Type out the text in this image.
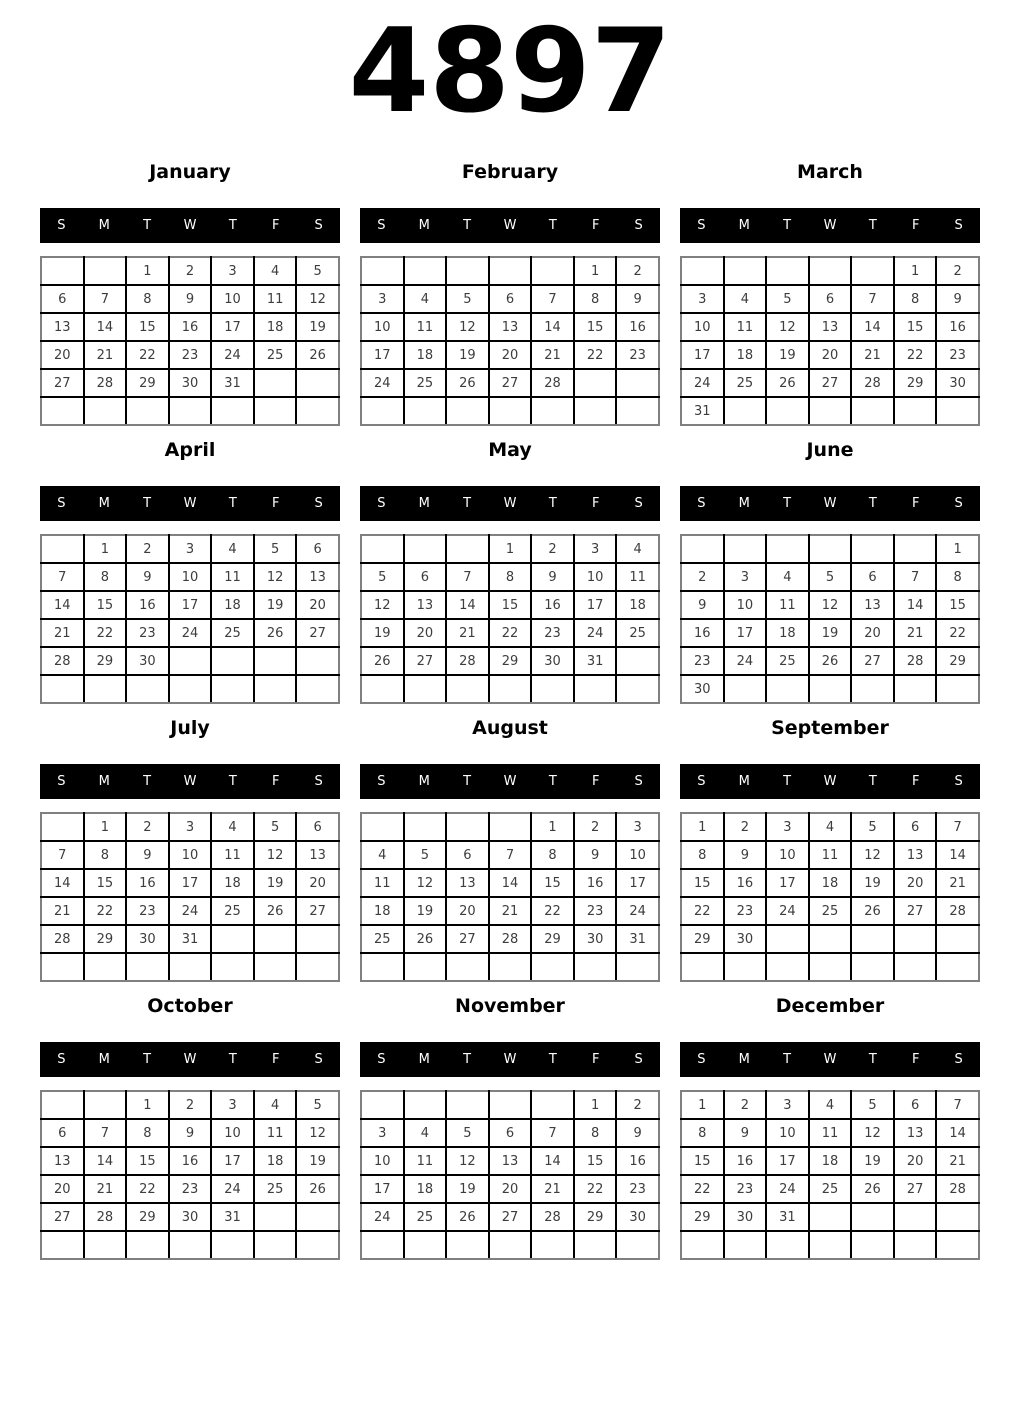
4897
January
S	M	T	W	T	F	S
		1	2	3	4	5
6	7	8	9	10	11	12
13	14	15	16	17	18	19
20	21	22	23	24	25	26
27	28	29	30	31		

February
S	M	T	W	T	F	S
					1	2
3	4	5	6	7	8	9
10	11	12	13	14	15	16
17	18	19	20	21	22	23
24	25	26	27	28		

March
S	M	T	W	T	F	S
					1	2
3	4	5	6	7	8	9
10	11	12	13	14	15	16
17	18	19	20	21	22	23
24	25	26	27	28	29	30
31						
April
S	M	T	W	T	F	S
	1	2	3	4	5	6
7	8	9	10	11	12	13
14	15	16	17	18	19	20
21	22	23	24	25	26	27
28	29	30				

May
S	M	T	W	T	F	S
			1	2	3	4
5	6	7	8	9	10	11
12	13	14	15	16	17	18
19	20	21	22	23	24	25
26	27	28	29	30	31	

June
S	M	T	W	T	F	S
						1
2	3	4	5	6	7	8
9	10	11	12	13	14	15
16	17	18	19	20	21	22
23	24	25	26	27	28	29
30						
July
S	M	T	W	T	F	S
	1	2	3	4	5	6
7	8	9	10	11	12	13
14	15	16	17	18	19	20
21	22	23	24	25	26	27
28	29	30	31			

August
S	M	T	W	T	F	S
				1	2	3
4	5	6	7	8	9	10
11	12	13	14	15	16	17
18	19	20	21	22	23	24
25	26	27	28	29	30	31

September
S	M	T	W	T	F	S
1	2	3	4	5	6	7
8	9	10	11	12	13	14
15	16	17	18	19	20	21
22	23	24	25	26	27	28
29	30					

October
S	M	T	W	T	F	S
		1	2	3	4	5
6	7	8	9	10	11	12
13	14	15	16	17	18	19
20	21	22	23	24	25	26
27	28	29	30	31		

November
S	M	T	W	T	F	S
					1	2
3	4	5	6	7	8	9
10	11	12	13	14	15	16
17	18	19	20	21	22	23
24	25	26	27	28	29	30

December
S	M	T	W	T	F	S
1	2	3	4	5	6	7
8	9	10	11	12	13	14
15	16	17	18	19	20	21
22	23	24	25	26	27	28
29	30	31				
